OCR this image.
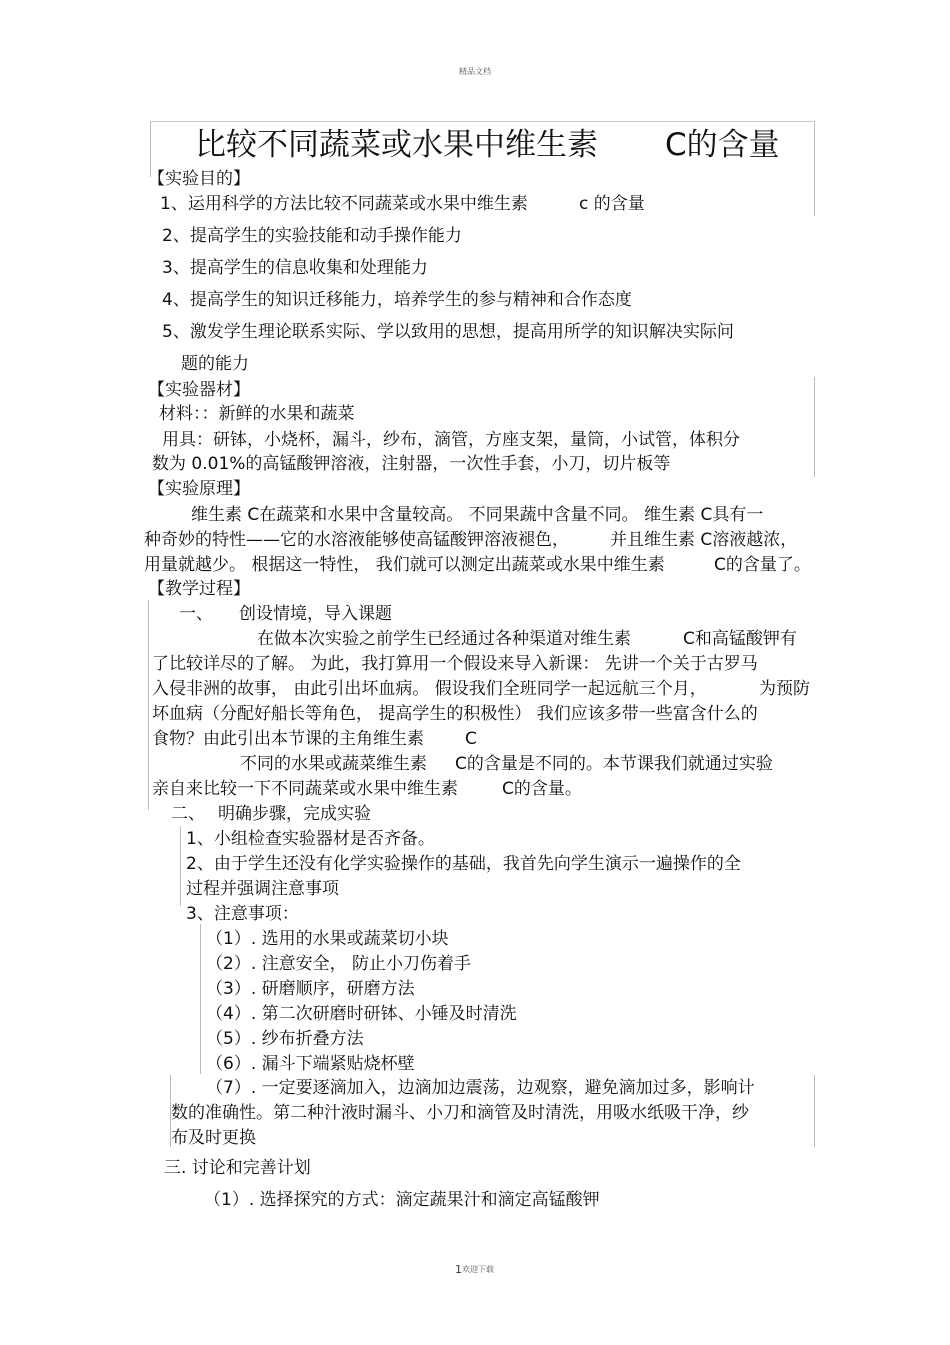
精品文档
比较不同蔬菜或水果中维生素 C的含量
【实验目的】
1、运用科学的方法比较不同蔬菜或水果中维生素	c 的含量
2、提高学生的实验技能和动手操作能力
3、提高学生的信息收集和处理能力
4、提高学生的知识迁移能力，培养学生的参与精神和合作态度
5、激发学生理论联系实际、学以致用的思想，提高用所学的知识解决实际问
题的能力
【实验器材】
材料：：新鲜的水果和蔬菜
用具：研钵，小烧杯，漏斗，纱布，滴管，方座支架，量筒，小试管，体积分
数为 0.01%的高锰酸钾溶液，注射器，一次性手套，小刀，切片板等
【实验原理】
维生素 C在蔬菜和水果中含量较高。 不同果蔬中含量不同。 维生素 C具有一
种奇妙的特性——它的水溶液能够使高锰酸钾溶液褪色， 并且维生素 C溶液越浓，
用量就越少。 根据这一特性， 我们就可以测定出蔬菜或水果中维生素	C的含量了。
【教学过程】
一、 创设情境，导入课题
在做本次实验之前学生已经通过各种渠道对维生素	C和高锰酸钾有
了比较详尽的了解。 为此，我打算用一个假设来导入新课： 先讲一个关于古罗马
入侵非洲的故事， 由此引出坏血病。 假设我们全班同学一起远航三个月，	为预防
坏血病（分配好船长等角色， 提高学生的积极性） 我们应该多带一些富含什么的
食物？由此引出本节课的主角维生素 C
不同的水果或蔬菜维生素 C的含量是不同的。本节课我们就通过实验
亲自来比较一下不同蔬菜或水果中维生素	C的含量。
二、 明确步骤，完成实验
1、小组检查实验器材是否齐备。
2、由于学生还没有化学实验操作的基础，我首先向学生演示一遍操作的全
过程并强调注意事项
3、注意事项：
（1）. 选用的水果或蔬菜切小块
（2）. 注意安全， 防止小刀伤着手
（3）. 研磨顺序，研磨方法
（4）. 第二次研磨时研钵、小锤及时清洗
（5）. 纱布折叠方法
（6）. 漏斗下端紧贴烧杯壁
（7）. 一定要逐滴加入，边滴加边震荡，边观察，避免滴加过多，影响计
数的准确性。第二种汁液时漏斗、小刀和滴管及时清洗，用吸水纸吸干净，纱
布及时更换
三. 讨论和完善计划
（1）. 选择探究的方式：滴定蔬果汁和滴定高锰酸钾
1 欢迎下载
